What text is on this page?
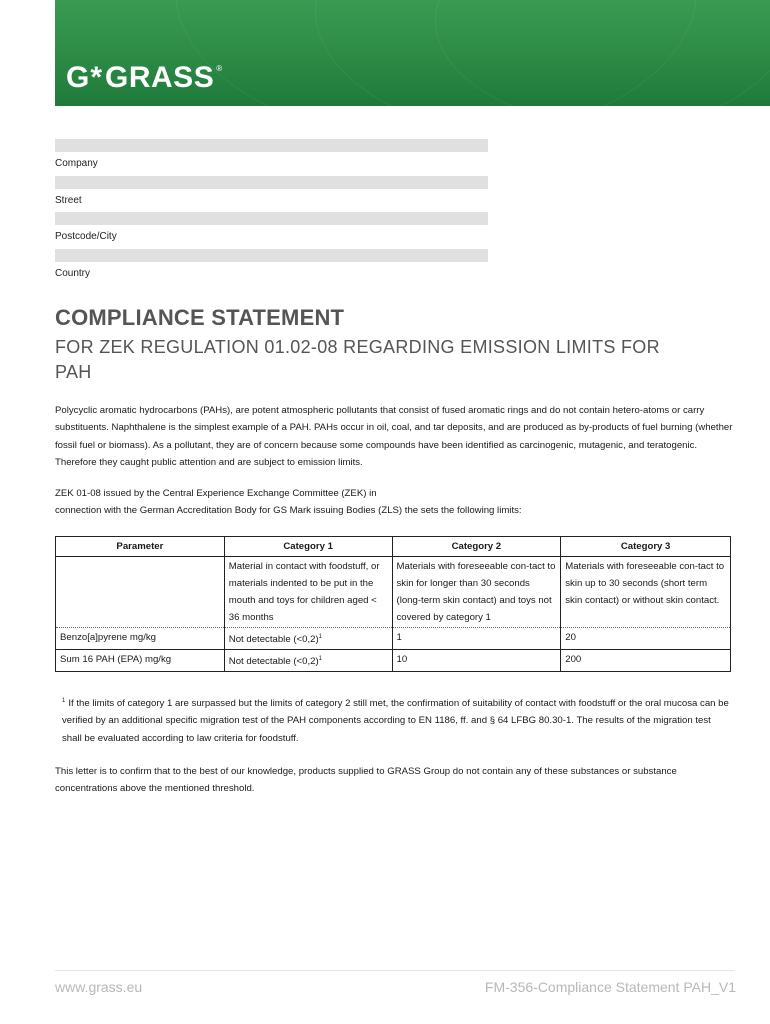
G* GRASS ®
Company
Street
Postcode/City
Country
COMPLIANCE STATEMENT
FOR ZEK REGULATION 01.02-08 REGARDING EMISSION LIMITS FOR PAH
Polycyclic aromatic hydrocarbons (PAHs), are potent atmospheric pollutants that consist of fused aromatic rings and do not contain hetero-atoms or carry substituents. Naphthalene is the simplest example of a PAH. PAHs occur in oil, coal, and tar deposits, and are produced as by-products of fuel burning (whether fossil fuel or biomass). As a pollutant, they are of concern because some compounds have been identified as carcinogenic, mutagenic, and teratogenic. Therefore they caught public attention and are subject to emission limits.
ZEK 01-08 issued by the Central Experience Exchange Committee (ZEK) in
connection with the German Accreditation Body for GS Mark issuing Bodies (ZLS) the sets the following limits:
Parameter	Category 1	Category 2	Category 3
	Material in contact with foodstuff, or materials indented to be put in the mouth and toys for children aged < 36 months	Materials with foreseeable con-tact to skin for longer than 30 seconds (long-term skin contact) and toys not covered by category 1	Materials with foreseeable con-tact to skin up to 30 seconds (short term skin contact) or without skin contact.
Benzo[a]pyrene mg/kg	Not detectable (<0,2)$^1$	1	20
Sum 16 PAH (EPA) mg/kg	Not detectable (<0,2)$^1$	10	200
$^1$ If the limits of category 1 are surpassed but the limits of category 2 still met, the confirmation of suitability of contact with foodstuff or the oral mucosa can be verified by an additional specific migration test of the PAH components according to EN 1186, ff. and § 64 LFBG 80.30-1. The results of the migration test shall be evaluated according to law criteria for foodstuff.
This letter is to confirm that to the best of our knowledge, products supplied to GRASS Group do not contain any of these substances or substance concentrations above the mentioned threshold.
www.grass.eu	FM-356-Compliance Statement PAH_V1
